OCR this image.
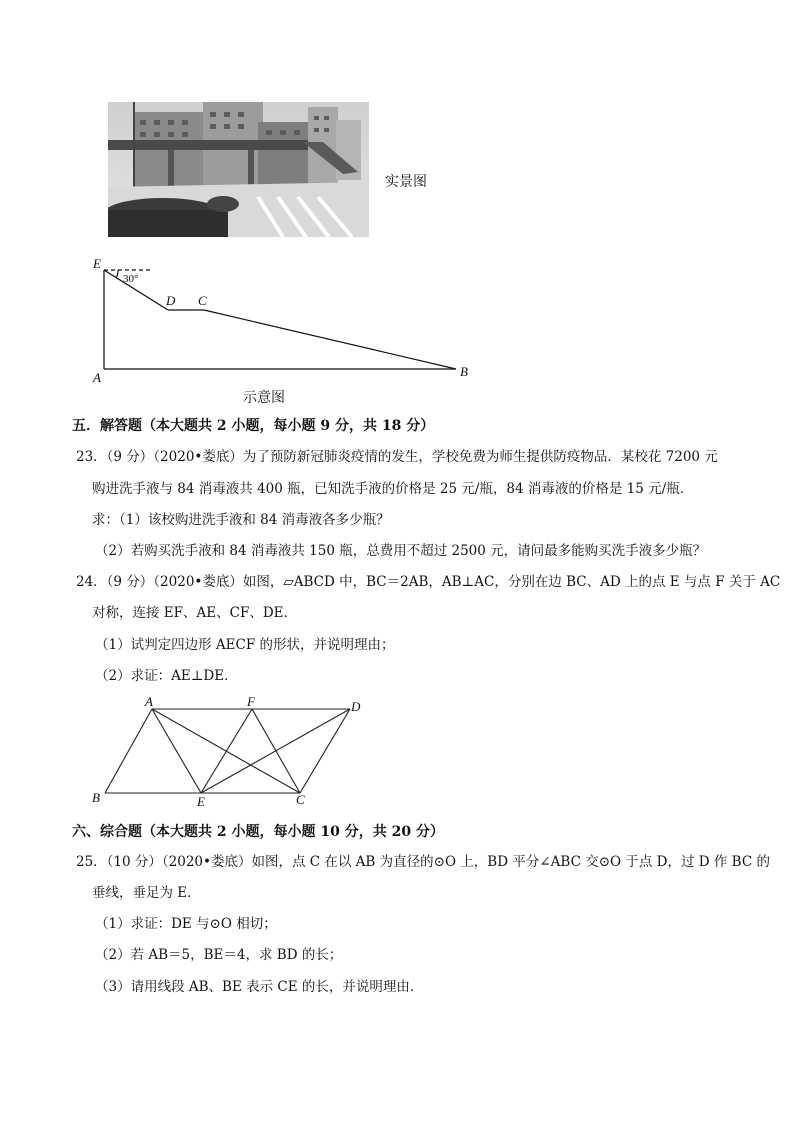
实景图
E
D C
A	B
30°
示意图
五．解答题（本大题共 2 小题，每小题 9 分，共 18 分）
23．（9 分）（2020•娄底）为了预防新冠肺炎疫情的发生，学校免费为师生提供防疫物品．某校花 7200 元
购进洗手液与 84 消毒液共 400 瓶，已知洗手液的价格是 25 元/瓶，84 消毒液的价格是 15 元/瓶．
求：（1）该校购进洗手液和 84 消毒液各多少瓶？
（2）若购买洗手液和 84 消毒液共 150 瓶，总费用不超过 2500 元，请问最多能购买洗手液多少瓶？
24．（9 分）（2020•娄底）如图，▱ABCD 中，BC＝2AB，AB⊥AC，分别在边 BC、AD 上的点 E 与点 F 关于 AC
对称，连接 EF、AE、CF、DE．
（1）试判定四边形 AECF 的形状，并说明理由；
（2）求证：AE⊥DE．
A	F	D
B	E	C
六、综合题（本大题共 2 小题，每小题 10 分，共 20 分）
25．（10 分）（2020•娄底）如图，点 C 在以 AB 为直径的⊙O 上，BD 平分∠ABC 交⊙O 于点 D，过 D 作 BC 的
垂线，垂足为 E．
（1）求证：DE 与⊙O 相切；
（2）若 AB＝5，BE＝4，求 BD 的长；
（3）请用线段 AB、BE 表示 CE 的长，并说明理由．
